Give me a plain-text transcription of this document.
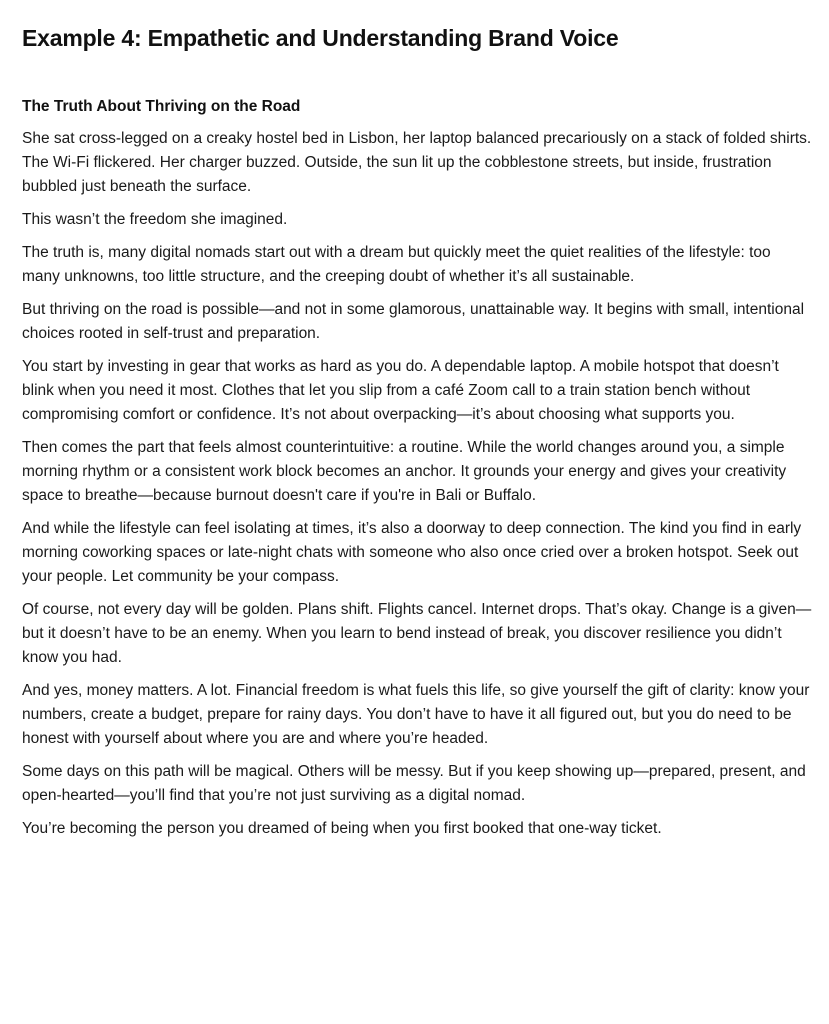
Example 4: Empathetic and Understanding Brand Voice
The Truth About Thriving on the Road

She sat cross-legged on a creaky hostel bed in Lisbon, her laptop balanced precariously on a stack of folded shirts. The Wi-Fi flickered. Her charger buzzed. Outside, the sun lit up the cobblestone streets, but inside, frustration bubbled just beneath the surface.

This wasn’t the freedom she imagined.

The truth is, many digital nomads start out with a dream but quickly meet the quiet realities of the lifestyle: too many unknowns, too little structure, and the creeping doubt of whether it’s all sustainable.

But thriving on the road is possible—and not in some glamorous, unattainable way. It begins with small, intentional choices rooted in self-trust and preparation.

You start by investing in gear that works as hard as you do. A dependable laptop. A mobile hotspot that doesn’t blink when you need it most. Clothes that let you slip from a café Zoom call to a train station bench without compromising comfort or confidence. It’s not about overpacking—it’s about choosing what supports you.

Then comes the part that feels almost counterintuitive: a routine. While the world changes around you, a simple morning rhythm or a consistent work block becomes an anchor. It grounds your energy and gives your creativity space to breathe—because burnout doesn't care if you're in Bali or Buffalo.

And while the lifestyle can feel isolating at times, it’s also a doorway to deep connection. The kind you find in early morning coworking spaces or late-night chats with someone who also once cried over a broken hotspot. Seek out your people. Let community be your compass.

Of course, not every day will be golden. Plans shift. Flights cancel. Internet drops. That’s okay. Change is a given—but it doesn’t have to be an enemy. When you learn to bend instead of break, you discover resilience you didn’t know you had.

And yes, money matters. A lot. Financial freedom is what fuels this life, so give yourself the gift of clarity: know your numbers, create a budget, prepare for rainy days. You don’t have to have it all figured out, but you do need to be honest with yourself about where you are and where you’re headed.

Some days on this path will be magical. Others will be messy. But if you keep showing up—prepared, present, and open-hearted—you’ll find that you’re not just surviving as a digital nomad.

You’re becoming the person you dreamed of being when you first booked that one-way ticket.
